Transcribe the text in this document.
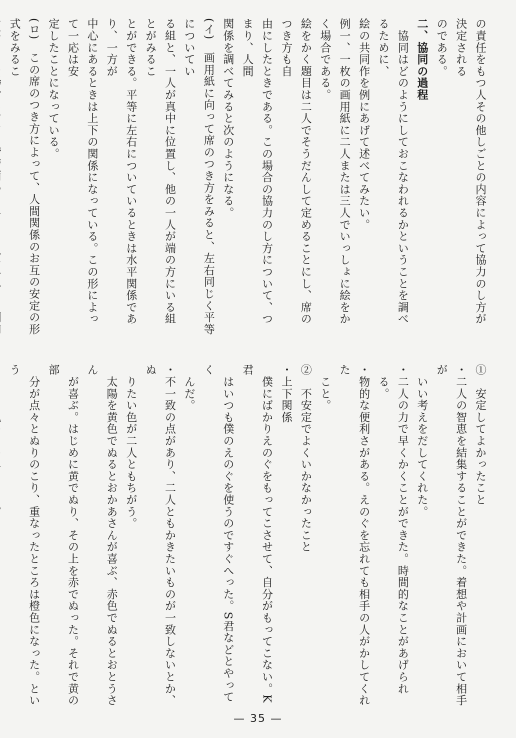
の責任をもつ人その他しごとの内容によって協力のし方が決定される
のである。
二、協同の過程
　協同はどのようにしておこなわれるかということを調べるために、
絵の共同作を例にあげて述べてみたい。
例一、一枚の画用紙に二人または三人でいっしょに絵をかく場合である。
絵をかく題目は二人でそうだんして定めることにし、席のつき方も自
由にしたときである。この場合の協力のし方について、つまり、人間
関係を調べてみると次のようになる。
(イ)　画用紙に向って席のつき方をみると、左右同じく平等についてい
る組と、一人が真中に位置し、他の一人が端の方にいる組とがみるこ
とができる。平等に左右についているときは水平関係であり、一方が
中心にあるときは上下の関係になっている。この形によって一応は安
定したことになっている。
(ロ)　この席のつき方によって、人間関係のお互の安定の形式をみるこ
①　安定してよかったこと
・二人の智恵を結集することができた。着想や計画において相手が
　いい考えをだしてくれた。
・二人の力で早くかくことができた。時間的なことがあげられ
　る。
・物的な便利さがある。えのぐを忘れても相手の人がかしてくれた
　こと。
②　不安定でよくいかなかったこと
・上下関係
　僕にばかりえのぐをもってこさせて、自分がもってこない。K君
　はいつも僕のえのぐを使うのですぐへった。S君などとやってく
　んだ。
・不一致の点があり、二人ともかきたいものが一致しないとか、ぬ
　りたい色が二人ともちがう。
　太陽を黄色でぬるとおかあさんが喜ぶ、赤色でぬるとおとうさん
　が喜ぶ。はじめに黄でぬり、その上を赤でぬった。それで黄の部
　分が点々とぬりのこり、重なったところは橙色になった。という
— 35 —
